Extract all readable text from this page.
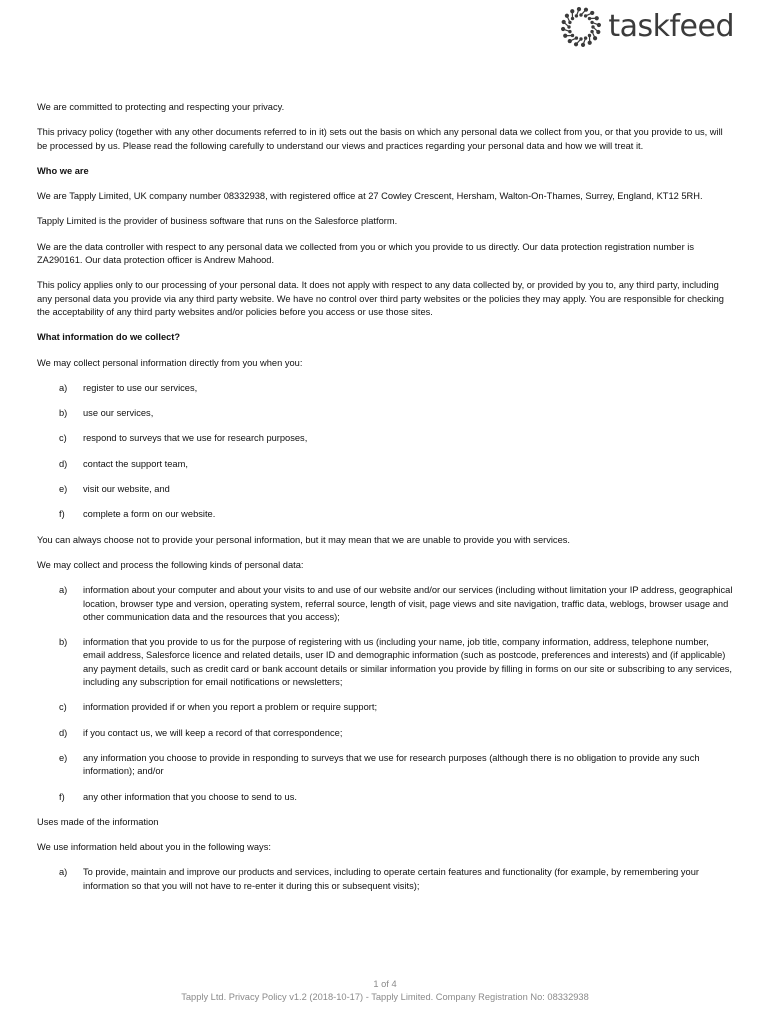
taskfeed

We are committed to protecting and respecting your privacy.

This privacy policy (together with any other documents referred to in it) sets out the basis on which any personal data we collect from you, or that you provide to us, will be processed by us. Please read the following carefully to understand our views and practices regarding your personal data and how we will treat it.

Who we are

We are Tapply Limited, UK company number 08332938, with registered office at 27 Cowley Crescent, Hersham, Walton-On-Thames, Surrey, England, KT12 5RH.

Tapply Limited is the provider of business software that runs on the Salesforce platform.

We are the data controller with respect to any personal data we collected from you or which you provide to us directly. Our data protection registration number is ZA290161. Our data protection officer is Andrew Mahood.

This policy applies only to our processing of your personal data. It does not apply with respect to any data collected by, or provided by you to, any third party, including any personal data you provide via any third party website. We have no control over third party websites or the policies they may apply. You are responsible for checking the acceptability of any third party websites and/or policies before you access or use those sites.

What information do we collect?

We may collect personal information directly from you when you:

a)	register to use our services,
b)	use our services,
c)	respond to surveys that we use for research purposes,
d)	contact the support team,
e)	visit our website, and
f)	complete a form on our website.

You can always choose not to provide your personal information, but it may mean that we are unable to provide you with services.

We may collect and process the following kinds of personal data:

a)	information about your computer and about your visits to and use of our website and/or our services (including without limitation your IP address, geographical location, browser type and version, operating system, referral source, length of visit, page views and site navigation, traffic data, weblogs, browser usage and other communication data and the resources that you access);
b)	information that you provide to us for the purpose of registering with us (including your name, job title, company information, address, telephone number, email address, Salesforce licence and related details, user ID and demographic information (such as postcode, preferences and interests) and (if applicable) any payment details, such as credit card or bank account details or similar information you provide by filling in forms on our site or subscribing to any services, including any subscription for email notifications or newsletters;
c)	information provided if or when you report a problem or require support;
d)	if you contact us, we will keep a record of that correspondence;
e)	any information you choose to provide in responding to surveys that we use for research purposes (although there is no obligation to provide any such information); and/or
f)	any other information that you choose to send to us.

Uses made of the information

We use information held about you in the following ways:

a)	To provide, maintain and improve our products and services, including to operate certain features and functionality (for example, by remembering your information so that you will not have to re-enter it during this or subsequent visits);
1 of 4
Tapply Ltd. Privacy Policy v1.2 (2018-10-17) - Tapply Limited. Company Registration No: 08332938
